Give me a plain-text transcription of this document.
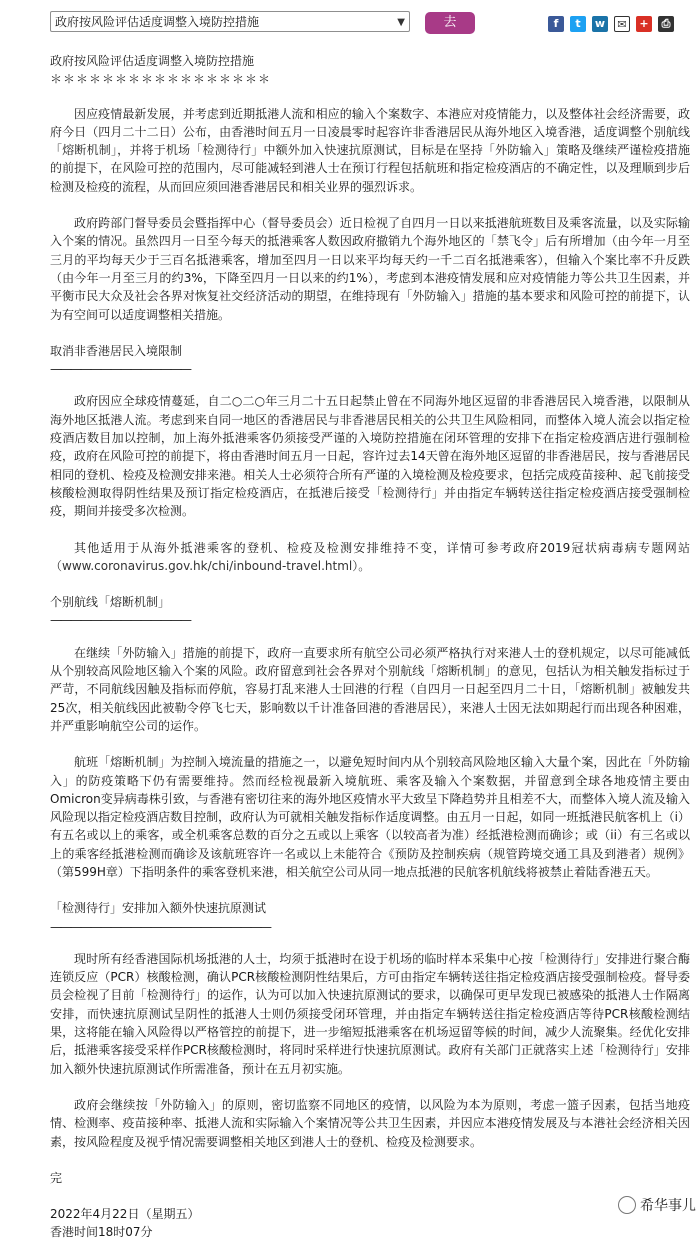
政府按风险评估适度调整入境防控措施	▼	去	f	t	w	✉	+	⎙
政府按风险评估适度调整入境防控措施
＊＊＊＊＊＊＊＊＊＊＊＊＊＊＊＊＊

因应疫情最新发展，并考虑到近期抵港人流和相应的输入个案数字、本港应对疫情能力，以及整体社会经济需要，政府今日（四月二十二日）公布，由香港时间五月一日凌晨零时起容许非香港居民从海外地区入境香港，适度调整个别航线「熔断机制」，并将于机场「检测待行」中额外加入快速抗原测试，目标是在坚持「外防输入」策略及继续严谨检疫措施的前提下，在风险可控的范围内，尽可能减轻到港人士在预订行程包括航班和指定检疫酒店的不确定性，以及理顺到步后检测及检疫的流程，从而回应须回港香港居民和相关业界的强烈诉求。

政府跨部门督导委员会暨指挥中心（督导委员会）近日检视了自四月一日以来抵港航班数目及乘客流量，以及实际输入个案的情况。虽然四月一日至今每天的抵港乘客人数因政府撤销九个海外地区的「禁飞令」后有所增加（由今年一月至三月的平均每天少于三百名抵港乘客，增加至四月一日以来平均每天约一千二百名抵港乘客），但输入个案比率不升反跌（由今年一月至三月的约3%，下降至四月一日以来的约1%），考虑到本港疫情发展和应对疫情能力等公共卫生因素，并平衡市民大众及社会各界对恢复社交经济活动的期望，在维持现有「外防输入」措施的基本要求和风险可控的前提下，认为有空间可以适度调整相关措施。

取消非香港居民入境限制
——————————————

政府因应全球疫情蔓延，自二○二○年三月二十五日起禁止曾在不同海外地区逗留的非香港居民入境香港，以限制从海外地区抵港人流。考虑到来自同一地区的香港居民与非香港居民相关的公共卫生风险相同，而整体入境人流会以指定检疫酒店数目加以控制，加上海外抵港乘客仍须接受严谨的入境防控措施在闭环管理的安排下在指定检疫酒店进行强制检疫，政府在风险可控的前提下，将由香港时间五月一日起，容许过去14天曾在海外地区逗留的非香港居民，按与香港居民相同的登机、检疫及检测安排来港。相关人士必须符合所有严谨的入境检测及检疫要求，包括完成疫苗接种、起飞前接受核酸检测取得阴性结果及预订指定检疫酒店，在抵港后接受「检测待行」并由指定车辆转送往指定检疫酒店接受强制检疫，期间并接受多次检测。

其他适用于从海外抵港乘客的登机、检疫及检测安排维持不变，详情可参考政府2019冠状病毒病专题网站（www.coronavirus.gov.hk/chi/inbound-travel.html）。

个别航线「熔断机制」
——————————————

在继续「外防输入」措施的前提下，政府一直要求所有航空公司必须严格执行对来港人士的登机规定，以尽可能减低从个别较高风险地区输入个案的风险。政府留意到社会各界对个别航线「熔断机制」的意见，包括认为相关触发指标过于严苛，不同航线因触及指标而停航，容易打乱来港人士回港的行程（自四月一日起至四月二十日，「熔断机制」被触发共25次，相关航线因此被勒令停飞七天，影响数以千计准备回港的香港居民），来港人士因无法如期起行而出现各种困难，并严重影响航空公司的运作。

航班「熔断机制」为控制入境流量的措施之一，以避免短时间内从个别较高风险地区输入大量个案，因此在「外防输入」的防疫策略下仍有需要维持。然而经检视最新入境航班、乘客及输入个案数据，并留意到全球各地疫情主要由Omicron变异病毒株引致，与香港有密切往来的海外地区疫情水平大致呈下降趋势并且相差不大，而整体入境人流及输入风险现以指定检疫酒店数目控制，政府认为可就相关触发指标作适度调整。由五月一日起，如同一班抵港民航客机上（i）有五名或以上的乘客，或全机乘客总数的百分之五或以上乘客（以较高者为准）经抵港检测而确诊；或（ii）有三名或以上的乘客经抵港检测而确诊及该航班容许一名或以上未能符合《预防及控制疾病（规管跨境交通工具及到港者）规例》（第599H章）下指明条件的乘客登机来港，相关航空公司从同一地点抵港的民航客机航线将被禁止着陆香港五天。

「检测待行」安排加入额外快速抗原测试
——————————————————————

现时所有经香港国际机场抵港的人士，均须于抵港时在设于机场的临时样本采集中心按「检测待行」安排进行聚合酶连锁反应（PCR）核酸检测，确认PCR核酸检测阴性结果后，方可由指定车辆转送往指定检疫酒店接受强制检疫。督导委员会检视了目前「检测待行」的运作，认为可以加入快速抗原测试的要求，以确保可更早发现已被感染的抵港人士作隔离安排，而快速抗原测试呈阴性的抵港人士则仍须接受闭环管理，并由指定车辆转送往指定检疫酒店等待PCR核酸检测结果，这将能在输入风险得以严格管控的前提下，进一步缩短抵港乘客在机场逗留等候的时间，减少人流聚集。经优化安排后，抵港乘客接受采样作PCR核酸检测时，将同时采样进行快速抗原测试。政府有关部门正就落实上述「检测待行」安排加入额外快速抗原测试作所需准备，预计在五月初实施。

政府会继续按「外防输入」的原则，密切监察不同地区的疫情，以风险为本为原则，考虑一篮子因素，包括当地疫情、检测率、疫苗接种率、抵港人流和实际输入个案情况等公共卫生因素，并因应本港疫情发展及与本港社会经济相关因素，按风险程度及视乎情况需要调整相关地区到港人士的登机、检疫及检测要求。

完
2022年4月22日（星期五）
香港时间18时07分
希华事儿
